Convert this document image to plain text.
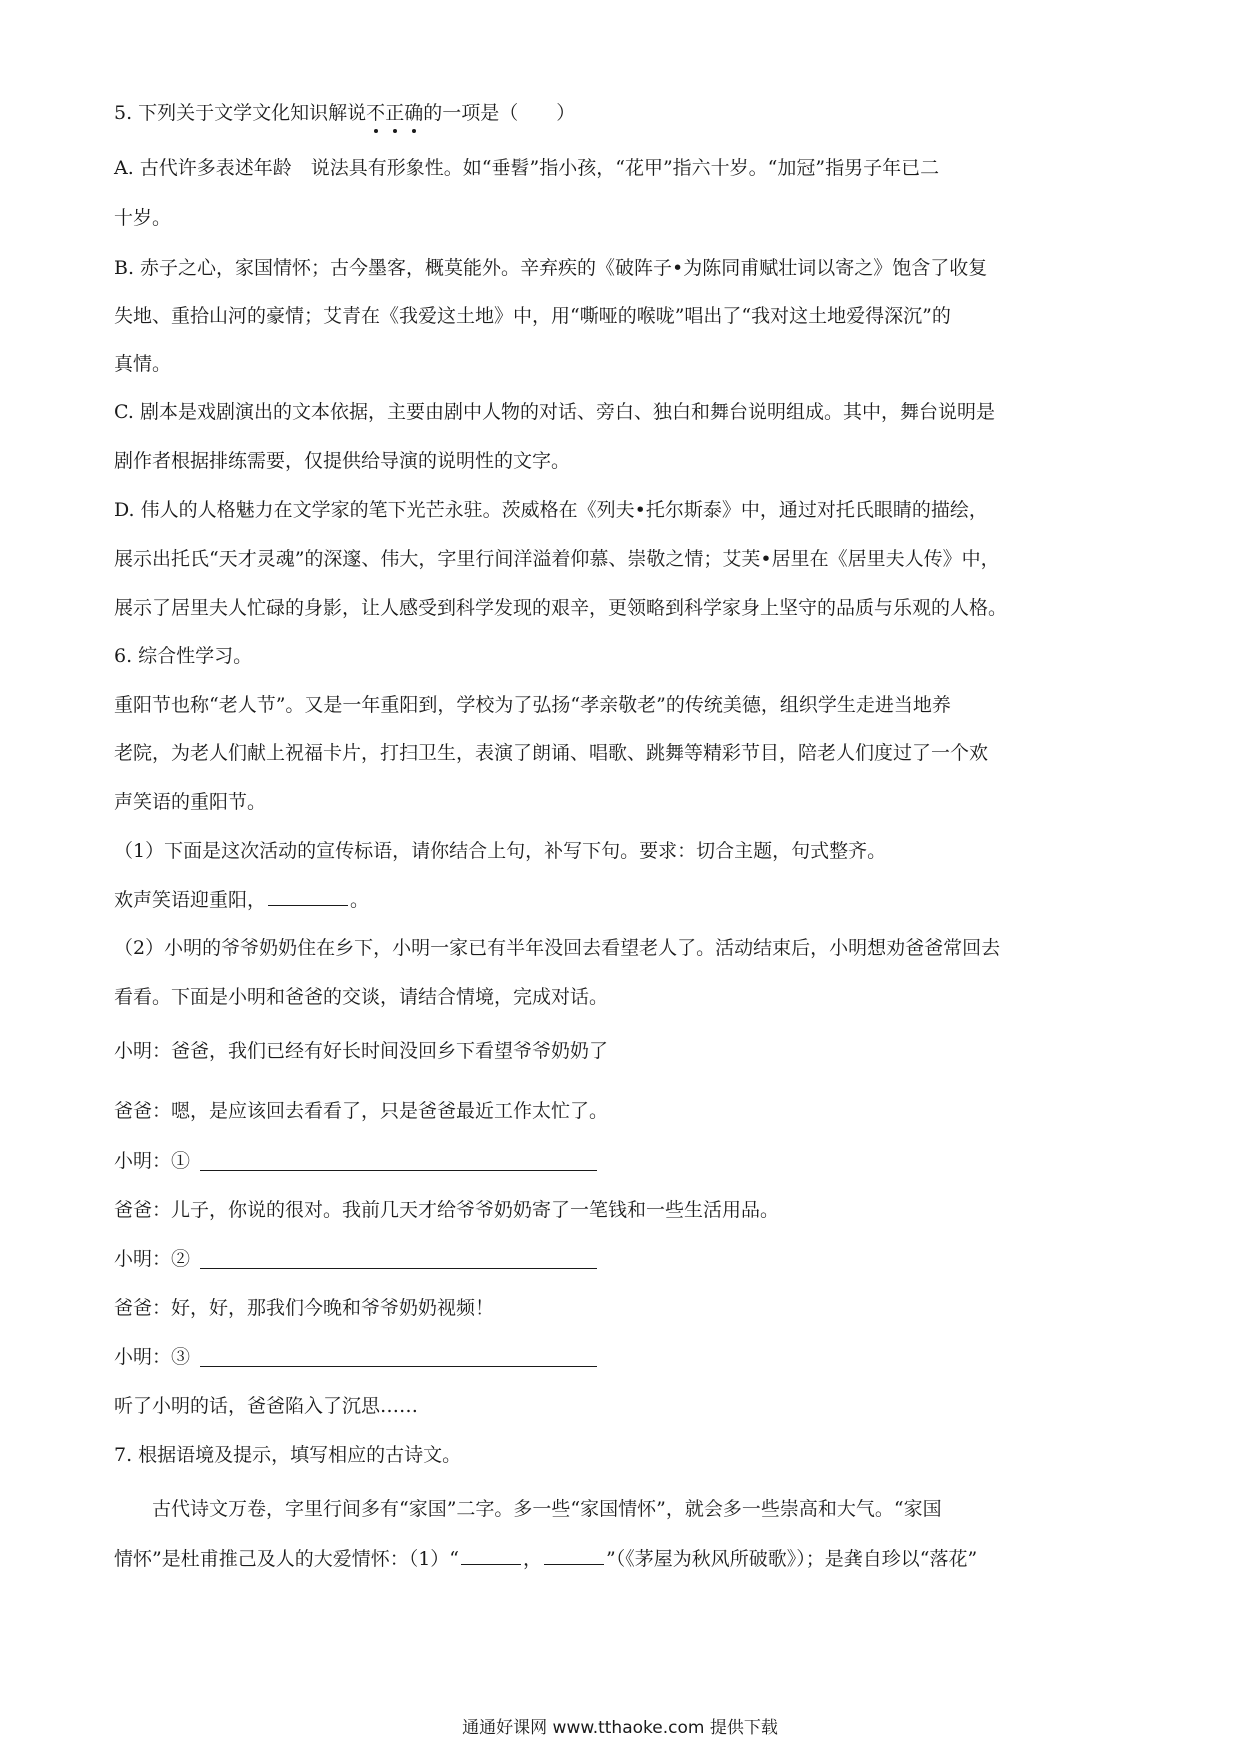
5. 下列关于文学文化知识解说不正确的一项是（　　）
A. 古代许多表述年龄　说法具有形象性。如“垂髫”指小孩，“花甲”指六十岁。“加冠”指男子年已二
十岁。
B. 赤子之心，家国情怀；古今墨客，概莫能外。辛弃疾的《破阵子•为陈同甫赋壮词以寄之》饱含了收复
失地、重拾山河的豪情；艾青在《我爱这土地》中，用“嘶哑的喉咙”唱出了“我对这土地爱得深沉”的
真情。
C. 剧本是戏剧演出的文本依据，主要由剧中人物的对话、旁白、独白和舞台说明组成。其中，舞台说明是
剧作者根据排练需要，仅提供给导演的说明性的文字。
D. 伟人的人格魅力在文学家的笔下光芒永驻。茨威格在《列夫•托尔斯泰》中，通过对托氏眼睛的描绘，
展示出托氏“天才灵魂”的深邃、伟大，字里行间洋溢着仰慕、崇敬之情；艾芙•居里在《居里夫人传》中，
展示了居里夫人忙碌的身影，让人感受到科学发现的艰辛，更领略到科学家身上坚守的品质与乐观的人格。
6. 综合性学习。
重阳节也称“老人节”。又是一年重阳到，学校为了弘扬“孝亲敬老”的传统美德，组织学生走进当地养
老院，为老人们献上祝福卡片，打扫卫生，表演了朗诵、唱歌、跳舞等精彩节目，陪老人们度过了一个欢
声笑语的重阳节。
（1）下面是这次活动的宣传标语，请你结合上句，补写下句。要求：切合主题，句式整齐。
欢声笑语迎重阳，	。
（2）小明的爷爷奶奶住在乡下，小明一家已有半年没回去看望老人了。活动结束后，小明想劝爸爸常回去
看看。下面是小明和爸爸的交谈，请结合情境，完成对话。
小明：爸爸，我们已经有好长时间没回乡下看望爷爷奶奶了
爸爸：嗯，是应该回去看看了，只是爸爸最近工作太忙了。
小明：①
爸爸：儿子，你说的很对。我前几天才给爷爷奶奶寄了一笔钱和一些生活用品。
小明：②
爸爸：好，好，那我们今晚和爷爷奶奶视频！
小明：③
听了小明的话，爸爸陷入了沉思……
7. 根据语境及提示，填写相应的古诗文。
　　古代诗文万卷，字里行间多有“家国”二字。多一些“家国情怀”，就会多一些崇高和大气。“家国
情怀”是杜甫推己及人的大爱情怀：（1）“	，	”（《茅屋为秋风所破歌》）；是龚自珍以“落花”
通通好课网 www.tthaoke.com 提供下载
